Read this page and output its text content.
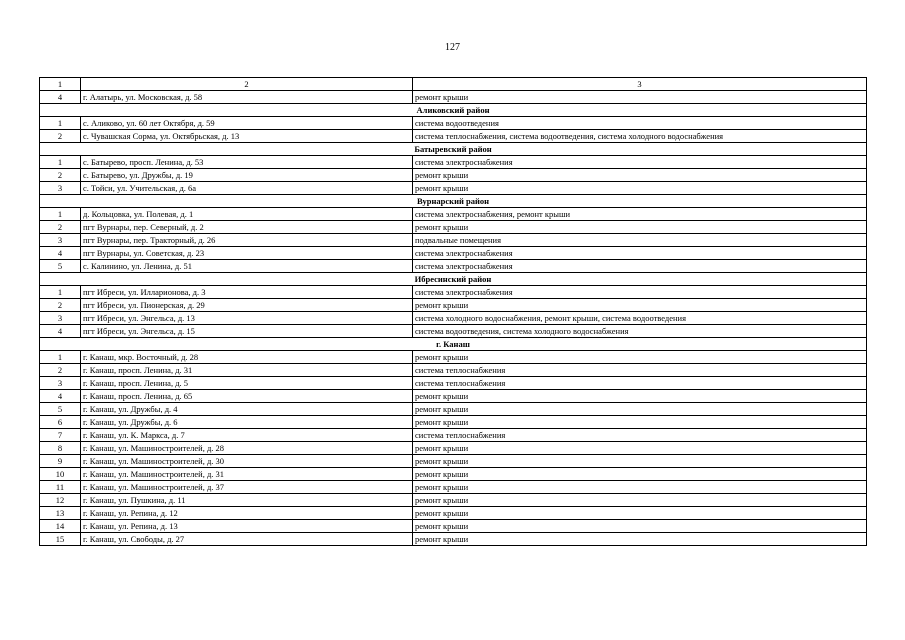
127
1	2	3
4	г. Алатырь, ул. Московская, д. 58	ремонт крыши
Аликовский район		
1	с. Аликово, ул. 60 лет Октября, д. 59	система водоотведения
2	с. Чувашская Сорма, ул. Октябрьская, д. 13	система теплоснабжения, система водоотведения, система холодного водоснабжения
Батыревский район		
1	с. Батырево, просп. Ленина, д. 53	система электроснабжения
2	с. Батырево, ул. Дружбы, д. 19	ремонт крыши
3	с. Тойси, ул. Учительская, д. 6а	ремонт крыши
Вурнарский район		
1	д. Кольцовка, ул. Полевая, д. 1	система электроснабжения, ремонт крыши
2	пгт Вурнары, пер. Северный, д. 2	ремонт крыши
3	пгт Вурнары, пер. Тракторный, д. 26	подвальные помещения
4	пгт Вурнары, ул. Советская, д. 23	система электроснабжения
5	с. Калинино, ул. Ленина, д. 51	система электроснабжения
Ибресинский район		
1	пгт Ибреси, ул. Илларионова, д. 3	система электроснабжения
2	пгт Ибреси, ул. Пионерская, д. 29	ремонт крыши
3	пгт Ибреси, ул. Энгельса, д. 13	система холодного водоснабжения, ремонт крыши, система водоотведения
4	пгт Ибреси, ул. Энгельса, д. 15	система водоотведения, система холодного водоснабжения
г. Канаш		
1	г. Канаш, мкр. Восточный, д. 28	ремонт крыши
2	г. Канаш, просп. Ленина, д. 31	система теплоснабжения
3	г. Канаш, просп. Ленина, д. 5	система теплоснабжения
4	г. Канаш, просп. Ленина, д. 65	ремонт крыши
5	г. Канаш, ул. Дружбы, д. 4	ремонт крыши
6	г. Канаш, ул. Дружбы, д. 6	ремонт крыши
7	г. Канаш, ул. К. Маркса, д. 7	система теплоснабжения
8	г. Канаш, ул. Машиностроителей, д. 28	ремонт крыши
9	г. Канаш, ул. Машиностроителей, д. 30	ремонт крыши
10	г. Канаш, ул. Машиностроителей, д. 31	ремонт крыши
11	г. Канаш, ул. Машиностроителей, д. 37	ремонт крыши
12	г. Канаш, ул. Пушкина, д. 11	ремонт крыши
13	г. Канаш, ул. Репина, д. 12	ремонт крыши
14	г. Канаш, ул. Репина, д. 13	ремонт крыши
15	г. Канаш, ул. Свободы, д. 27	ремонт крыши
